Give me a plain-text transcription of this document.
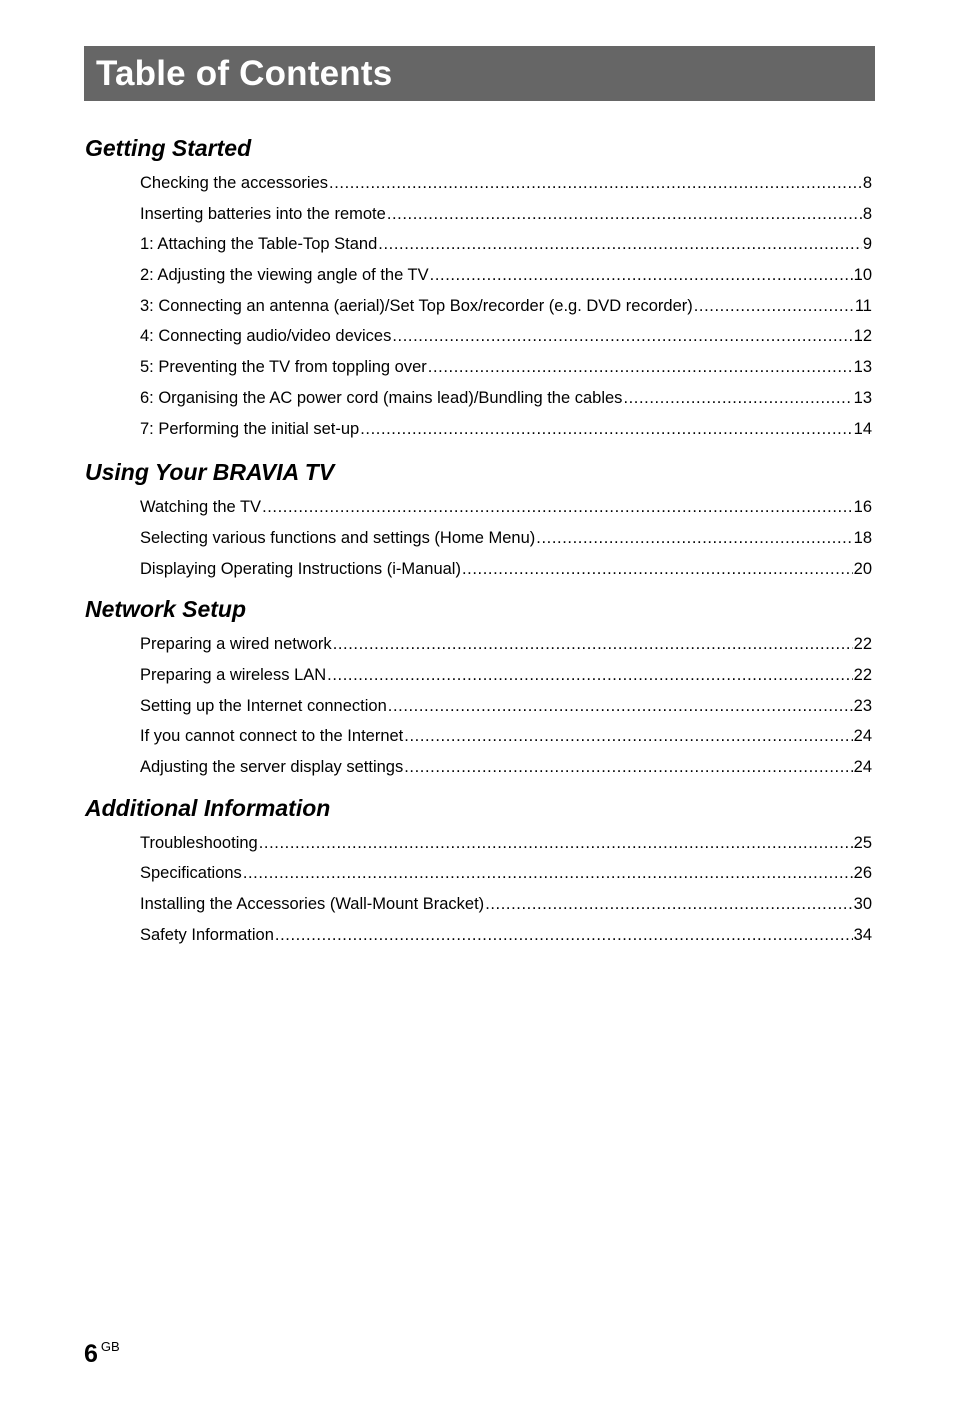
Table of Contents
Getting Started
Checking the accessories .....	8
Inserting batteries into the remote .....	8
1: Attaching the Table-Top Stand .....	9
2: Adjusting the viewing angle of the TV .....	10
3: Connecting an antenna (aerial)/Set Top Box/recorder (e.g. DVD recorder) .....	11
4: Connecting audio/video devices .....	12
5: Preventing the TV from toppling over .....	13
6: Organising the AC power cord (mains lead)/Bundling the cables .....	13
7: Performing the initial set-up .....	14
Using Your BRAVIA TV
Watching the TV .....	16
Selecting various functions and settings (Home Menu) .....	18
Displaying Operating Instructions (i-Manual) .....	20
Network Setup
Preparing a wired network .....	22
Preparing a wireless LAN .....	22
Setting up the Internet connection .....	23
If you cannot connect to the Internet .....	24
Adjusting the server display settings .....	24
Additional Information
Troubleshooting .....	25
Specifications .....	26
Installing the Accessories (Wall-Mount Bracket) .....	30
Safety Information .....	34
6 $^{GB}$
